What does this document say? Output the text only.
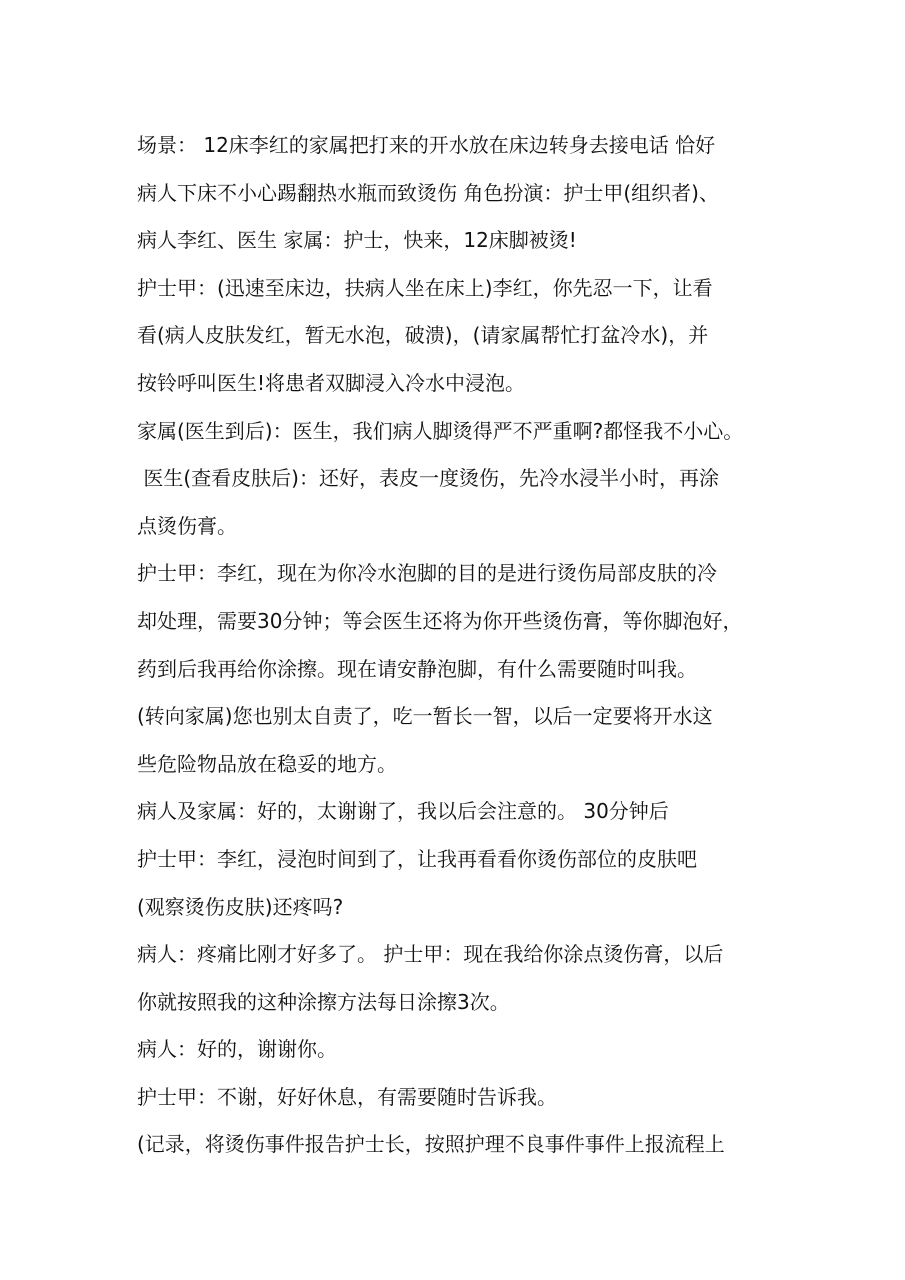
场景： 12床李红的家属把打来的开水放在床边转身去接电话 恰好
病人下床不小心踢翻热水瓶而致烫伤 角色扮演：护士甲(组织者)、
病人李红、医生 家属：护士，快来，12床脚被烫!
护士甲：(迅速至床边，扶病人坐在床上)李红，你先忍一下，让看
看(病人皮肤发红，暂无水泡，破溃)，(请家属帮忙打盆冷水)，并
按铃呼叫医生!将患者双脚浸入冷水中浸泡。
家属(医生到后)：医生，我们病人脚烫得严不严重啊?都怪我不小心。
医生(查看皮肤后)：还好，表皮一度烫伤，先冷水浸半小时，再涂
点烫伤膏。
护士甲：李红，现在为你冷水泡脚的目的是进行烫伤局部皮肤的冷
却处理，需要30分钟；等会医生还将为你开些烫伤膏，等你脚泡好，
药到后我再给你涂擦。现在请安静泡脚，有什么需要随时叫我。
(转向家属)您也别太自责了，吃一暂长一智，以后一定要将开水这
些危险物品放在稳妥的地方。
病人及家属：好的，太谢谢了，我以后会注意的。 30分钟后
护士甲：李红，浸泡时间到了，让我再看看你烫伤部位的皮肤吧
(观察烫伤皮肤)还疼吗?
病人：疼痛比刚才好多了。 护士甲：现在我给你涂点烫伤膏，以后
你就按照我的这种涂擦方法每日涂擦3次。
病人：好的，谢谢你。
护士甲：不谢，好好休息，有需要随时告诉我。
(记录，将烫伤事件报告护士长，按照护理不良事件事件上报流程上
